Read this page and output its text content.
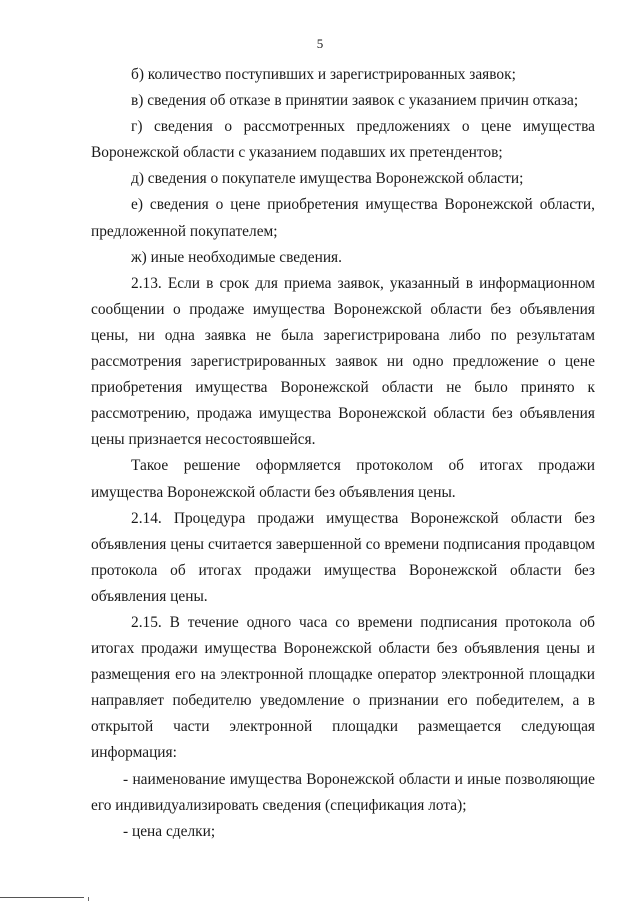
5

б) количество поступивших и зарегистрированных заявок;

в) сведения об отказе в принятии заявок с указанием причин отказа;

г) сведения о рассмотренных предложениях о цене имущества Воронежской области с указанием подавших их претендентов;

д) сведения о покупателе имущества Воронежской области;

е) сведения о цене приобретения имущества Воронежской области, предложенной покупателем;

ж) иные необходимые сведения.

2.13. Если в срок для приема заявок, указанный в информационном сообщении о продаже имущества Воронежской области без объявления цены, ни одна заявка не была зарегистрирована либо по результатам рассмотрения зарегистрированных заявок ни одно предложение о цене приобретения имущества Воронежской области не было принято к рассмотрению, продажа имущества Воронежской области без объявления цены признается несостоявшейся.

Такое решение оформляется протоколом об итогах продажи имущества Воронежской области без объявления цены.

2.14. Процедура продажи имущества Воронежской области без объявления цены считается завершенной со времени подписания продавцом протокола об итогах продажи имущества Воронежской области без объявления цены.

2.15. В течение одного часа со времени подписания протокола об итогах продажи имущества Воронежской области без объявления цены и размещения его на электронной площадке оператор электронной площадки направляет победителю уведомление о признании его победителем, а в открытой части электронной площадки размещается следующая информация:

- наименование имущества Воронежской области и иные позволяющие его индивидуализировать сведения (спецификация лота);

- цена сделки;
